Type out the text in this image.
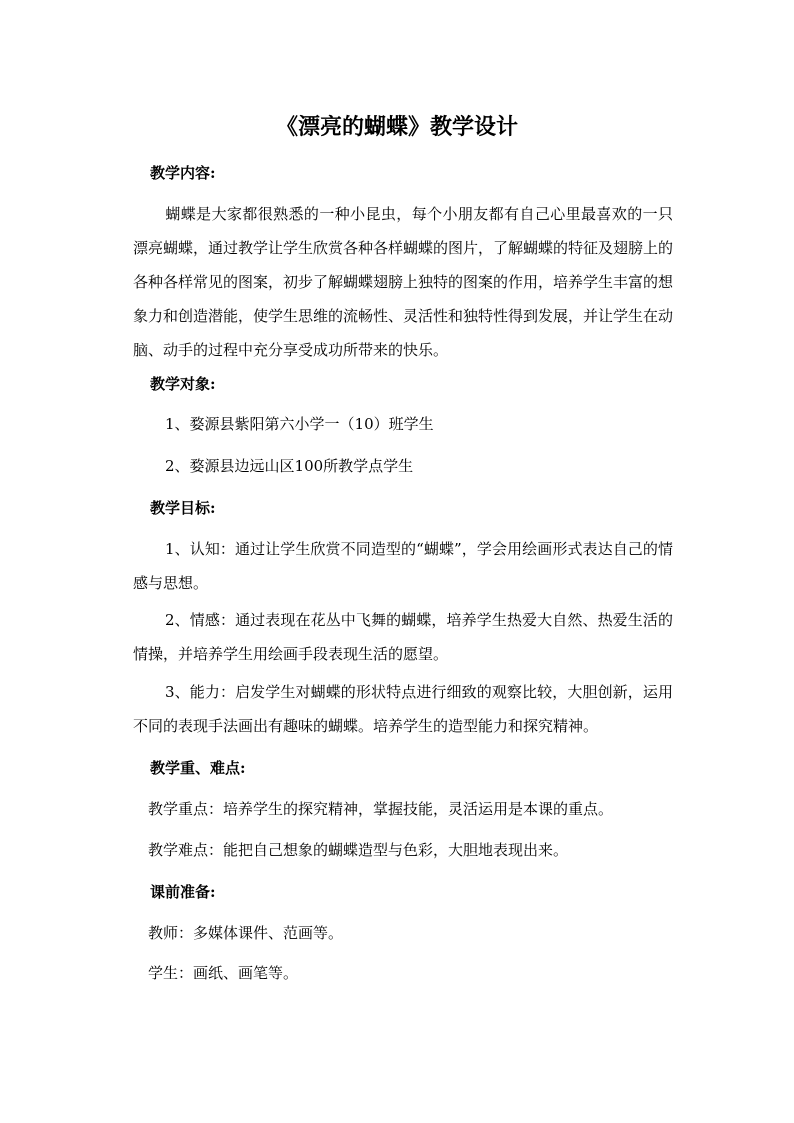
《漂亮的蝴蝶》教学设计
教学内容:
蝴蝶是大家都很熟悉的一种小昆虫，每个小朋友都有自己心里最喜欢的一只漂亮蝴蝶，通过教学让学生欣赏各种各样蝴蝶的图片，了解蝴蝶的特征及翅膀上的各种各样常见的图案，初步了解蝴蝶翅膀上独特的图案的作用，培养学生丰富的想象力和创造潜能，使学生思维的流畅性、灵活性和独特性得到发展，并让学生在动脑、动手的过程中充分享受成功所带来的快乐。
教学对象:
1、婺源县紫阳第六小学一（10）班学生
2、婺源县边远山区100所教学点学生
教学目标:
1、认知：通过让学生欣赏不同造型的“蝴蝶”，学会用绘画形式表达自己的情感与思想。
2、情感：通过表现在花丛中飞舞的蝴蝶，培养学生热爱大自然、热爱生活的情操，并培养学生用绘画手段表现生活的愿望。
3、能力：启发学生对蝴蝶的形状特点进行细致的观察比较，大胆创新，运用不同的表现手法画出有趣味的蝴蝶。培养学生的造型能力和探究精神。
教学重、难点:
教学重点：培养学生的探究精神，掌握技能，灵活运用是本课的重点。
教学难点：能把自己想象的蝴蝶造型与色彩，大胆地表现出来。
课前准备:
教师：多媒体课件、范画等。
学生：画纸、画笔等。
